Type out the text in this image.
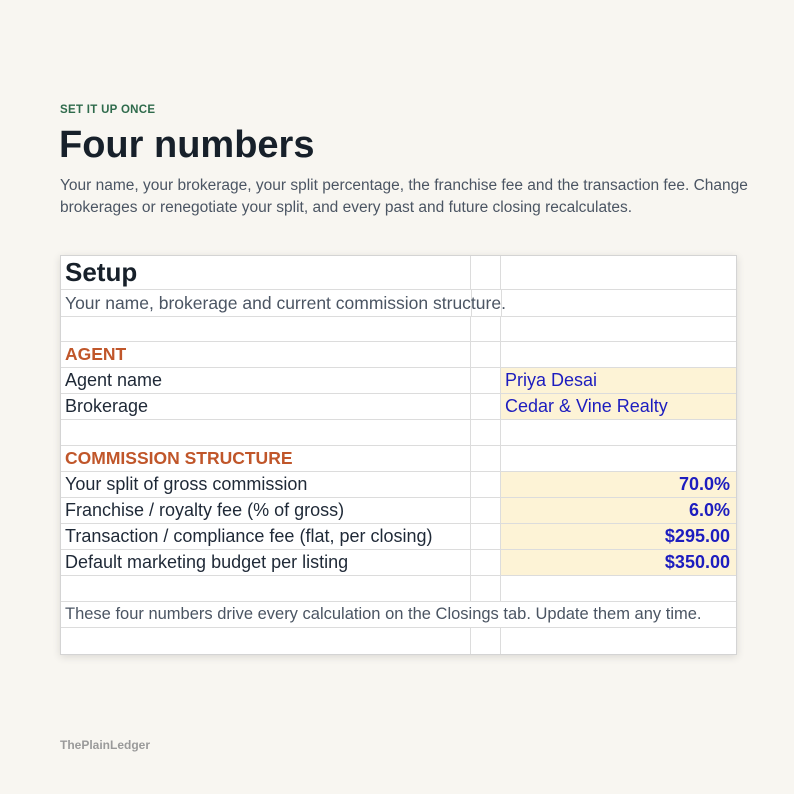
SET IT UP ONCE
Four numbers
Your name, your brokerage, your split percentage, the franchise fee and the transaction fee. Change brokerages or renegotiate your split, and every past and future closing recalculates.
Setup
Your name, brokerage and current commission structure.
AGENT
Agent name	Priya Desai
Brokerage	Cedar & Vine Realty
COMMISSION STRUCTURE
Your split of gross commission	70.0%
Franchise / royalty fee (% of gross)	6.0%
Transaction / compliance fee (flat, per closing)	$295.00
Default marketing budget per listing	$350.00
These four numbers drive every calculation on the Closings tab. Update them any time.
ThePlainLedger
